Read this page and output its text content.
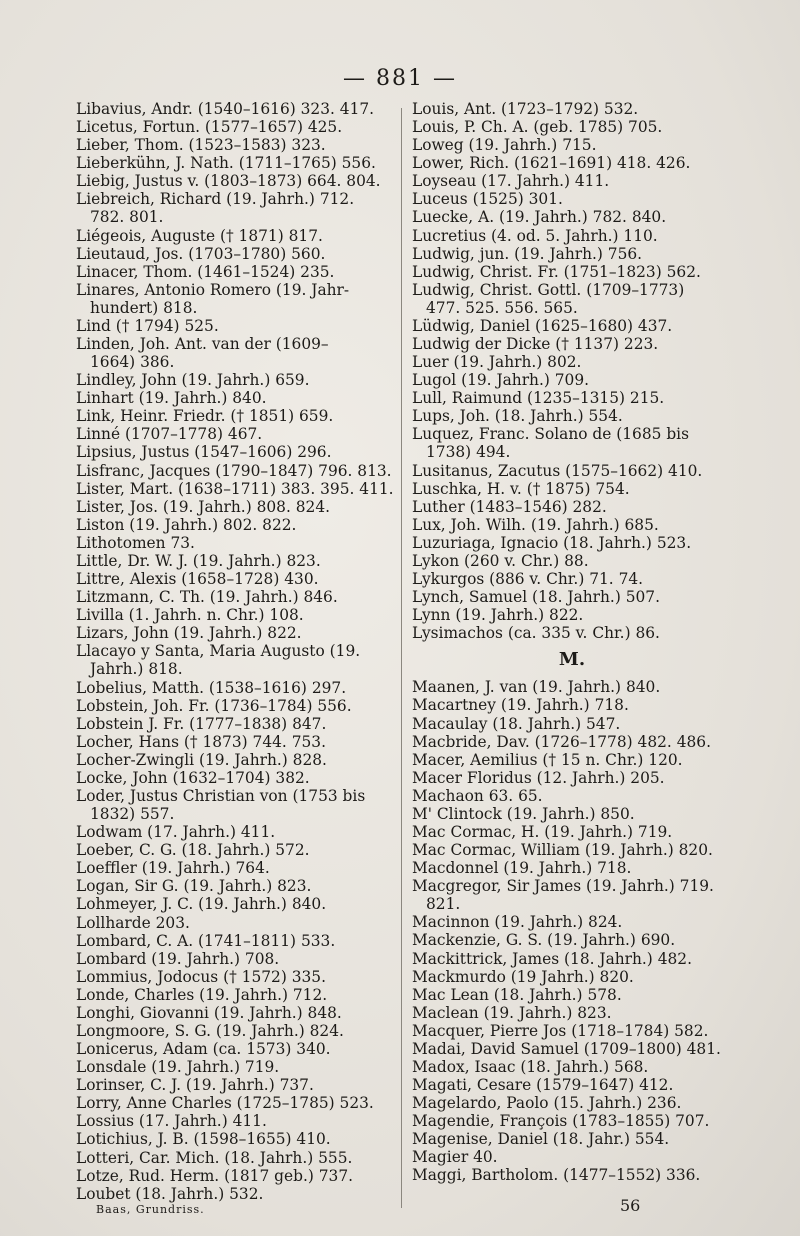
— 881 —
Libavius, Andr. (1540–1616) 323. 417.
Licetus, Fortun. (1577–1657) 425.
Lieber, Thom. (1523–1583) 323.
Lieberkühn, J. Nath. (1711–1765) 556.
Liebig, Justus v. (1803–1873) 664. 804.
Liebreich, Richard (19. Jahrh.) 712.
782. 801.
Liégeois, Auguste († 1871) 817.
Lieutaud, Jos. (1703–1780) 560.
Linacer, Thom. (1461–1524) 235.
Linares, Antonio Romero (19. Jahr-
hundert) 818.
Lind († 1794) 525.
Linden, Joh. Ant. van der (1609–
1664) 386.
Lindley, John (19. Jahrh.) 659.
Linhart (19. Jahrh.) 840.
Link, Heinr. Friedr. († 1851) 659.
Linné (1707–1778) 467.
Lipsius, Justus (1547–1606) 296.
Lisfranc, Jacques (1790–1847) 796. 813.
Lister, Mart. (1638–1711) 383. 395. 411.
Lister, Jos. (19. Jahrh.) 808. 824.
Liston (19. Jahrh.) 802. 822.
Lithotomen 73.
Little, Dr. W. J. (19. Jahrh.) 823.
Littre, Alexis (1658–1728) 430.
Litzmann, C. Th. (19. Jahrh.) 846.
Livilla (1. Jahrh. n. Chr.) 108.
Lizars, John (19. Jahrh.) 822.
Llacayo y Santa, Maria Augusto (19.
Jahrh.) 818.
Lobelius, Matth. (1538–1616) 297.
Lobstein, Joh. Fr. (1736–1784) 556.
Lobstein J. Fr. (1777–1838) 847.
Locher, Hans († 1873) 744. 753.
Locher-Zwingli (19. Jahrh.) 828.
Locke, John (1632–1704) 382.
Loder, Justus Christian von (1753 bis
1832) 557.
Lodwam (17. Jahrh.) 411.
Loeber, C. G. (18. Jahrh.) 572.
Loeffler (19. Jahrh.) 764.
Logan, Sir G. (19. Jahrh.) 823.
Lohmeyer, J. C. (19. Jahrh.) 840.
Lollharde 203.
Lombard, C. A. (1741–1811) 533.
Lombard (19. Jahrh.) 708.
Lommius, Jodocus († 1572) 335.
Londe, Charles (19. Jahrh.) 712.
Longhi, Giovanni (19. Jahrh.) 848.
Longmoore, S. G. (19. Jahrh.) 824.
Lonicerus, Adam (ca. 1573) 340.
Lonsdale (19. Jahrh.) 719.
Lorinser, C. J. (19. Jahrh.) 737.
Lorry, Anne Charles (1725–1785) 523.
Lossius (17. Jahrh.) 411.
Lotichius, J. B. (1598–1655) 410.
Lotteri, Car. Mich. (18. Jahrh.) 555.
Lotze, Rud. Herm. (1817 geb.) 737.
Loubet (18. Jahrh.) 532.
Louis, Ant. (1723–1792) 532.
Louis, P. Ch. A. (geb. 1785) 705.
Loweg (19. Jahrh.) 715.
Lower, Rich. (1621–1691) 418. 426.
Loyseau (17. Jahrh.) 411.
Luceus (1525) 301.
Luecke, A. (19. Jahrh.) 782. 840.
Lucretius (4. od. 5. Jahrh.) 110.
Ludwig, jun. (19. Jahrh.) 756.
Ludwig, Christ. Fr. (1751–1823) 562.
Ludwig, Christ. Gottl. (1709–1773)
477. 525. 556. 565.
Lüdwig, Daniel (1625–1680) 437.
Ludwig der Dicke († 1137) 223.
Luer (19. Jahrh.) 802.
Lugol (19. Jahrh.) 709.
Lull, Raimund (1235–1315) 215.
Lups, Joh. (18. Jahrh.) 554.
Luquez, Franc. Solano de (1685 bis
1738) 494.
Lusitanus, Zacutus (1575–1662) 410.
Luschka, H. v. († 1875) 754.
Luther (1483–1546) 282.
Lux, Joh. Wilh. (19. Jahrh.) 685.
Luzuriaga, Ignacio (18. Jahrh.) 523.
Lykon (260 v. Chr.) 88.
Lykurgos (886 v. Chr.) 71. 74.
Lynch, Samuel (18. Jahrh.) 507.
Lynn (19. Jahrh.) 822.
Lysimachos (ca. 335 v. Chr.) 86.
M.
Maanen, J. van (19. Jahrh.) 840.
Macartney (19. Jahrh.) 718.
Macaulay (18. Jahrh.) 547.
Macbride, Dav. (1726–1778) 482. 486.
Macer, Aemilius († 15 n. Chr.) 120.
Macer Floridus (12. Jahrh.) 205.
Machaon 63. 65.
M' Clintock (19. Jahrh.) 850.
Mac Cormac, H. (19. Jahrh.) 719.
Mac Cormac, William (19. Jahrh.) 820.
Macdonnel (19. Jahrh.) 718.
Macgregor, Sir James (19. Jahrh.) 719.
821.
Macinnon (19. Jahrh.) 824.
Mackenzie, G. S. (19. Jahrh.) 690.
Mackittrick, James (18. Jahrh.) 482.
Mackmurdo (19 Jahrh.) 820.
Mac Lean (18. Jahrh.) 578.
Maclean (19. Jahrh.) 823.
Macquer, Pierre Jos (1718–1784) 582.
Madai, David Samuel (1709–1800) 481.
Madox, Isaac (18. Jahrh.) 568.
Magati, Cesare (1579–1647) 412.
Magelardo, Paolo (15. Jahrh.) 236.
Magendie, François (1783–1855) 707.
Magenise, Daniel (18. Jahr.) 554.
Magier 40.
Maggi, Bartholom. (1477–1552) 336.
Baas, Grundriss.	56
